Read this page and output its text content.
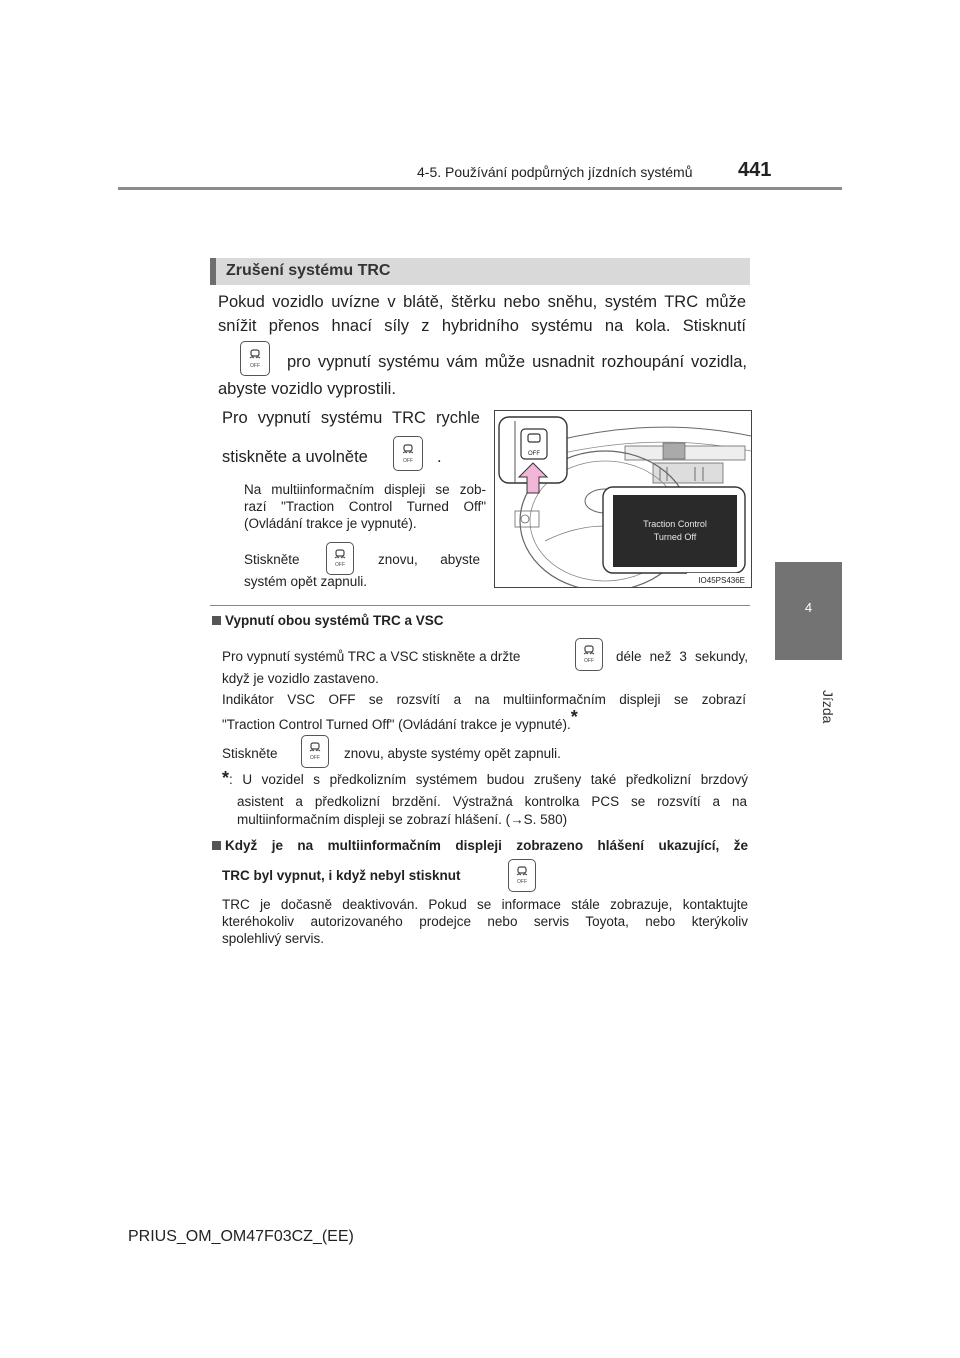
4-5. Používání podpůrných jízdních systémů 441
4
Jízda
Zrušení systému TRC
Pokud vozidlo uvízne v blátě, štěrku nebo sněhu, systém TRC může
snížit přenos hnací síly z hybridního systému na kola. Stisknutí
OFF	pro vypnutí systému vám může usnadnit rozhoupání vozidla,
abyste vozidlo vyprostili.
Pro vypnutí systému TRC rychle
stiskněte a uvolněte	OFF	.
Na multiinformačním displeji se zob-
razí "Traction Control Turned Off"
(Ovládání trakce je vypnuté).
Stiskněte	OFF	znovu, abyste
systém opět zapnuli.
OFF
Traction Control
Turned Off
IO45PS436E
Vypnutí obou systémů TRC a VSC
Pro vypnutí systémů TRC a VSC stiskněte a držte	OFF	déle než 3 sekundy,
když je vozidlo zastaveno.
Indikátor VSC OFF se rozsvítí a na multiinformačním displeji se zobrazí
"Traction Control Turned Off" (Ovládání trakce je vypnuté).*
Stiskněte	OFF	znovu, abyste systémy opět zapnuli.
*: U vozidel s předkolizním systémem budou zrušeny také předkolizní brzdový
asistent a předkolizní brzdění. Výstražná kontrolka PCS se rozsvítí a na
multiinformačním displeji se zobrazí hlášení. (→S. 580)
Když je na multiinformačním displeji zobrazeno hlášení ukazující, že
TRC byl vypnut, i když nebyl stisknut	OFF
TRC je dočasně deaktivován. Pokud se informace stále zobrazuje, kontaktujte
kteréhokoliv autorizovaného prodejce nebo servis Toyota, nebo kterýkoliv
spolehlivý servis.
PRIUS_OM_OM47F03CZ_(EE)
